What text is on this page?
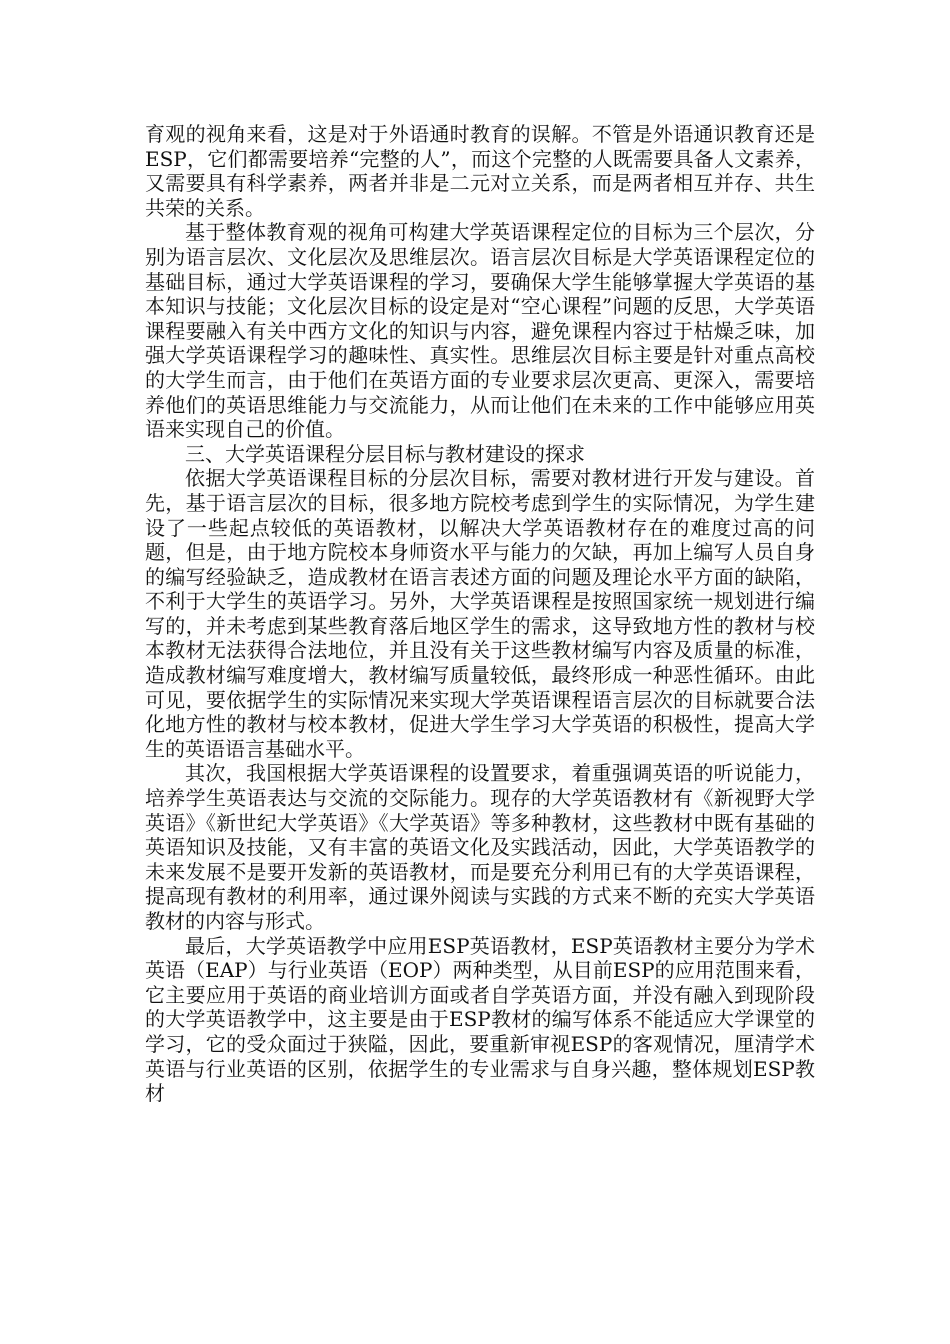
育观的视角来看，这是对于外语通时教育的误解。不管是外语通识教育还是ESP，它们都需要培养“完整的人”，而这个完整的人既需要具备人文素养，又需要具有科学素养，两者并非是二元对立关系，而是两者相互并存、共生共荣的关系。

基于整体教育观的视角可构建大学英语课程定位的目标为三个层次，分别为语言层次、文化层次及思维层次。语言层次目标是大学英语课程定位的基础目标，通过大学英语课程的学习，要确保大学生能够掌握大学英语的基本知识与技能；文化层次目标的设定是对“空心课程”问题的反思，大学英语课程要融入有关中西方文化的知识与内容，避免课程内容过于枯燥乏味，加强大学英语课程学习的趣味性、真实性。思维层次目标主要是针对重点高校的大学生而言，由于他们在英语方面的专业要求层次更高、更深入，需要培养他们的英语思维能力与交流能力，从而让他们在未来的工作中能够应用英语来实现自己的价值。

三、大学英语课程分层目标与教材建设的探求

依据大学英语课程目标的分层次目标，需要对教材进行开发与建设。首先，基于语言层次的目标，很多地方院校考虑到学生的实际情况，为学生建设了一些起点较低的英语教材，以解决大学英语教材存在的难度过高的问题，但是，由于地方院校本身师资水平与能力的欠缺，再加上编写人员自身的编写经验缺乏，造成教材在语言表述方面的问题及理论水平方面的缺陷，不利于大学生的英语学习。另外，大学英语课程是按照国家统一规划进行编写的，并未考虑到某些教育落后地区学生的需求，这导致地方性的教材与校本教材无法获得合法地位，并且没有关于这些教材编写内容及质量的标准，造成教材编写难度增大，教材编写质量较低，最终形成一种恶性循环。由此可见，要依据学生的实际情况来实现大学英语课程语言层次的目标就要合法化地方性的教材与校本教材，促进大学生学习大学英语的积极性，提高大学生的英语语言基础水平。

其次，我国根据大学英语课程的设置要求，着重强调英语的听说能力，培养学生英语表达与交流的交际能力。现存的大学英语教材有《新视野大学英语》《新世纪大学英语》《大学英语》等多种教材，这些教材中既有基础的英语知识及技能，又有丰富的英语文化及实践活动，因此，大学英语教学的未来发展不是要开发新的英语教材，而是要充分利用已有的大学英语课程，提高现有教材的利用率，通过课外阅读与实践的方式来不断的充实大学英语教材的内容与形式。

最后，大学英语教学中应用ESP英语教材，ESP英语教材主要分为学术英语（EAP）与行业英语（EOP）两种类型，从目前ESP的应用范围来看，它主要应用于英语的商业培训方面或者自学英语方面，并没有融入到现阶段的大学英语教学中，这主要是由于ESP教材的编写体系不能适应大学课堂的学习，它的受众面过于狭隘，因此，要重新审视ESP的客观情况，厘清学术英语与行业英语的区别，依据学生的专业需求与自身兴趣，整体规划ESP教材
